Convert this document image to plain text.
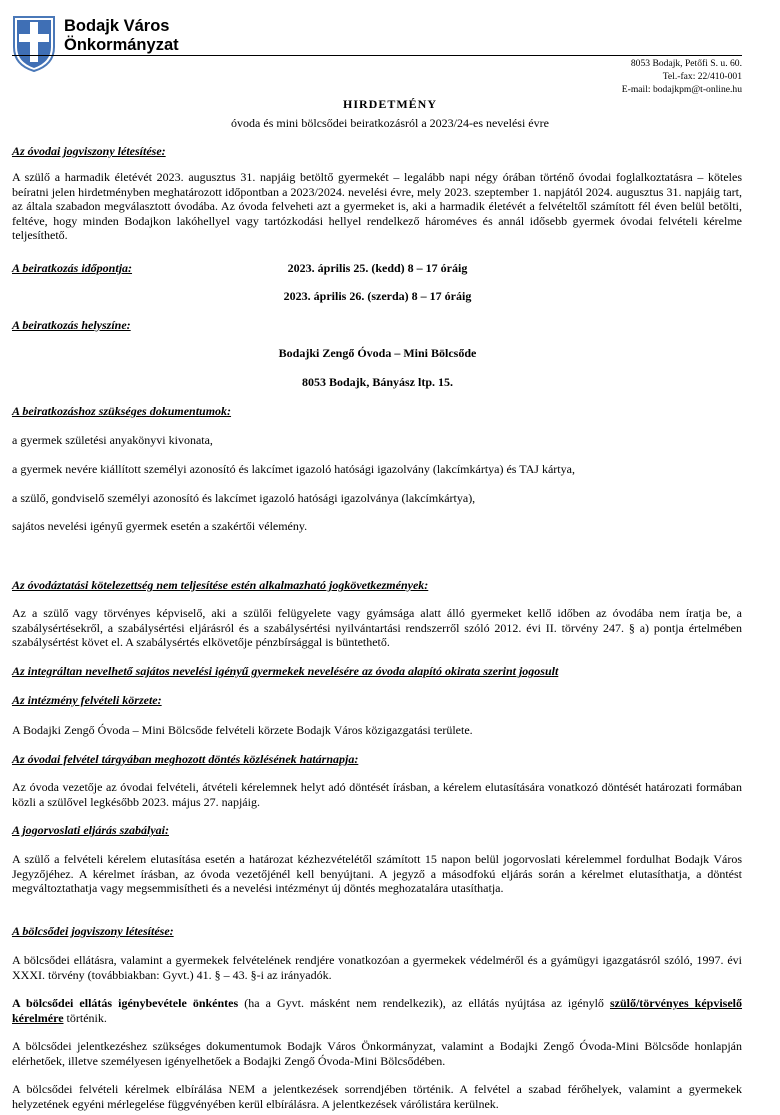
Bodajk Város
Önkormányzat
8053 Bodajk, Petőfi S. u. 60.
Tel.-fax: 22/410-001
E-mail: bodajkpm@t-online.hu
HIRDETMÉNY
óvoda és mini bölcsődei beiratkozásról a 2023/24-es nevelési évre
Az óvodai jogviszony létesítése:
A szülő a harmadik életévét 2023. augusztus 31. napjáig betöltő gyermekét – legalább napi négy órában történő óvodai foglalkoztatásra – köteles beíratni jelen hirdetményben meghatározott időpontban a 2023/2024. nevelési évre, mely 2023. szeptember 1. napjától 2024. augusztus 31. napjáig tart, az általa szabadon megválasztott óvodába. Az óvoda felveheti azt a gyermeket is, aki a harmadik életévét a felvételtől számított fél éven belül betölti, feltéve, hogy minden Bodajkon lakóhellyel vagy tartózkodási hellyel rendelkező hároméves és annál idősebb gyermek óvodai felvételi kérelme teljesíthető.
A beiratkozás időpontja:	2023. április 25. (kedd) 8 – 17 óráig
2023. április 26. (szerda) 8 – 17 óráig
A beiratkozás helyszíne:
Bodajki Zengő Óvoda – Mini Bölcsőde
8053 Bodajk, Bányász ltp. 15.
A beiratkozáshoz szükséges dokumentumok:
a gyermek születési anyakönyvi kivonata,
a gyermek nevére kiállított személyi azonosító és lakcímet igazoló hatósági igazolvány (lakcímkártya) és TAJ kártya,
a szülő, gondviselő személyi azonosító és lakcímet igazoló hatósági igazolványa (lakcímkártya),
sajátos nevelési igényű gyermek esetén a szakértői vélemény.
Az óvodáztatási kötelezettség nem teljesítése estén alkalmazható jogkövetkezmények:
Az a szülő vagy törvényes képviselő, aki a szülői felügyelete vagy gyámsága alatt álló gyermeket kellő időben az óvodába nem íratja be, a szabálysértésekről, a szabálysértési eljárásról és a szabálysértési nyilvántartási rendszerről szóló 2012. évi II. törvény 247. § a) pontja értelmében szabálysértést követ el. A szabálysértés elkövetője pénzbírsággal is büntethető.
Az integráltan nevelhető sajátos nevelési igényű gyermekek nevelésére az óvoda alapító okirata szerint jogosult
Az intézmény felvételi körzete:
A Bodajki Zengő Óvoda – Mini Bölcsőde felvételi körzete Bodajk Város közigazgatási területe.
Az óvodai felvétel tárgyában meghozott döntés közlésének határnapja:
Az óvoda vezetője az óvodai felvételi, átvételi kérelemnek helyt adó döntését írásban, a kérelem elutasítására vonatkozó döntését határozati formában közli a szülővel legkésőbb 2023. május 27. napjáig.
A jogorvoslati eljárás szabályai:
A szülő a felvételi kérelem elutasítása esetén a határozat kézhezvételétől számított 15 napon belül jogorvoslati kérelemmel fordulhat Bodajk Város Jegyzőjéhez. A kérelmet írásban, az óvoda vezetőjénél kell benyújtani. A jegyző a másodfokú eljárás során a kérelmet elutasíthatja, a döntést megváltoztathatja vagy megsemmisítheti és a nevelési intézményt új döntés meghozatalára utasíthatja.
A bölcsődei jogviszony létesítése:
A bölcsődei ellátásra, valamint a gyermekek felvételének rendjére vonatkozóan a gyermekek védelméről és a gyámügyi igazgatásról szóló, 1997. évi XXXI. törvény (továbbiakban: Gyvt.) 41. § – 43. §-i az irányadók.
A bölcsődei ellátás igénybevétele önkéntes (ha a Gyvt. másként nem rendelkezik), az ellátás nyújtása az igénylő szülő/törvényes képviselő kérelmére történik.
A bölcsődei jelentkezéshez szükséges dokumentumok Bodajk Város Önkormányzat, valamint a Bodajki Zengő Óvoda-Mini Bölcsőde honlapján elérhetőek, illetve személyesen igényelhetőek a Bodajki Zengő Óvoda-Mini Bölcsődében.
A bölcsődei felvételi kérelmek elbírálása NEM a jelentkezések sorrendjében történik. A felvétel a szabad férőhelyek, valamint a gyermekek helyzetének egyéni mérlegelése függvényében kerül elbírálásra. A jelentkezések várólistára kerülnek.
